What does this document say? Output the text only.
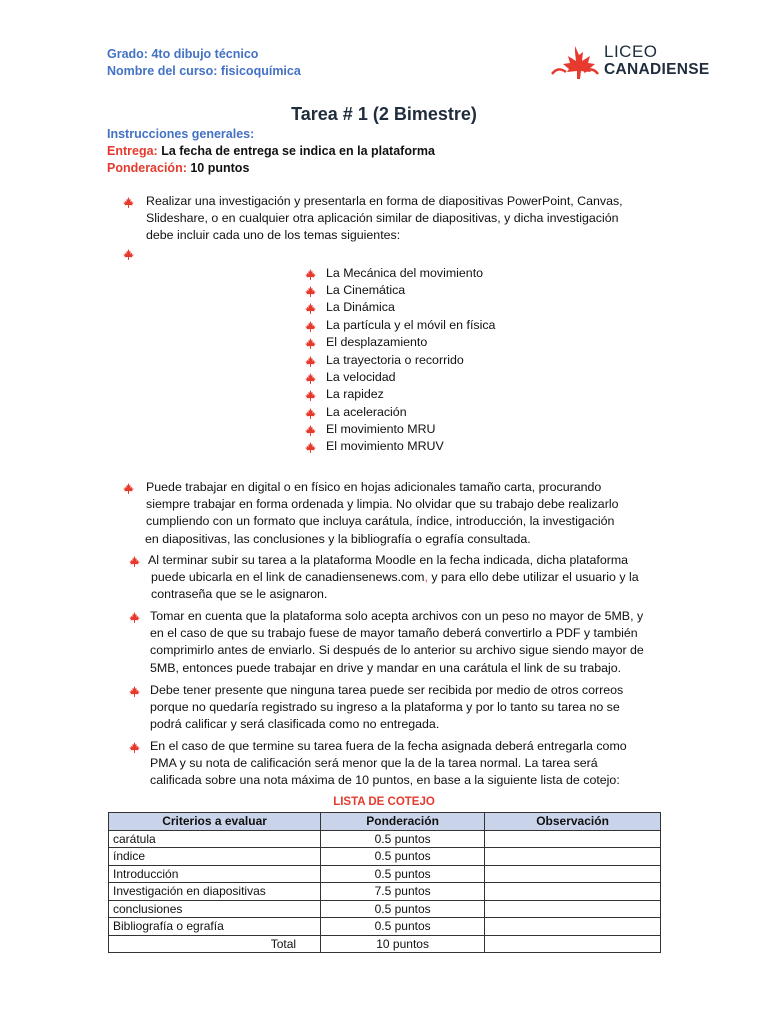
Grado: 4to dibujo técnico
Nombre del curso: fisicoquímica
LICEO
CANADIENSE
Tarea # 1 (2 Bimestre)
Instrucciones generales:
Entrega: La fecha de entrega se indica en la plataforma
Ponderación: 10 puntos
Realizar una investigación y presentarla en forma de diapositivas PowerPoint, Canvas,
Slideshare, o en cualquier otra aplicación similar de diapositivas, y dicha investigación
debe incluir cada uno de los temas siguientes:
La Mecánica del movimiento
La Cinemática
La Dinámica
La partícula y el móvil en física
El desplazamiento
La trayectoria o recorrido
La velocidad
La rapidez
La aceleración
El movimiento MRU
El movimiento MRUV
Puede trabajar en digital o en físico en hojas adicionales tamaño carta, procurando
siempre trabajar en forma ordenada y limpia. No olvidar que su trabajo debe realizarlo
cumpliendo con un formato que incluya carátula, índice, introducción, la investigación
en diapositivas, las conclusiones y la bibliografía o egrafía consultada.
Al terminar subir su tarea a la plataforma Moodle en la fecha indicada, dicha plataforma
puede ubicarla en el link de canadiensenews.com, y para ello debe utilizar el usuario y la
contraseña que se le asignaron.
Tomar en cuenta que la plataforma solo acepta archivos con un peso no mayor de 5MB, y
en el caso de que su trabajo fuese de mayor tamaño deberá convertirlo a PDF y también
comprimirlo antes de enviarlo. Si después de lo anterior su archivo sigue siendo mayor de
5MB, entonces puede trabajar en drive y mandar en una carátula el link de su trabajo.
Debe tener presente que ninguna tarea puede ser recibida por medio de otros correos
porque no quedaría registrado su ingreso a la plataforma y por lo tanto su tarea no se
podrá calificar y será clasificada como no entregada.
En el caso de que termine su tarea fuera de la fecha asignada deberá entregarla como
PMA y su nota de calificación será menor que la de la tarea normal. La tarea será
calificada sobre una nota máxima de 10 puntos, en base a la siguiente lista de cotejo:
LISTA DE COTEJO
Criterios a evaluar	Ponderación	Observación
carátula	0.5 puntos	
índice	0.5 puntos	
Introducción	0.5 puntos	
Investigación en diapositivas	7.5 puntos	
conclusiones	0.5 puntos	
Bibliografía o egrafía	0.5 puntos	
Total	10 puntos	
